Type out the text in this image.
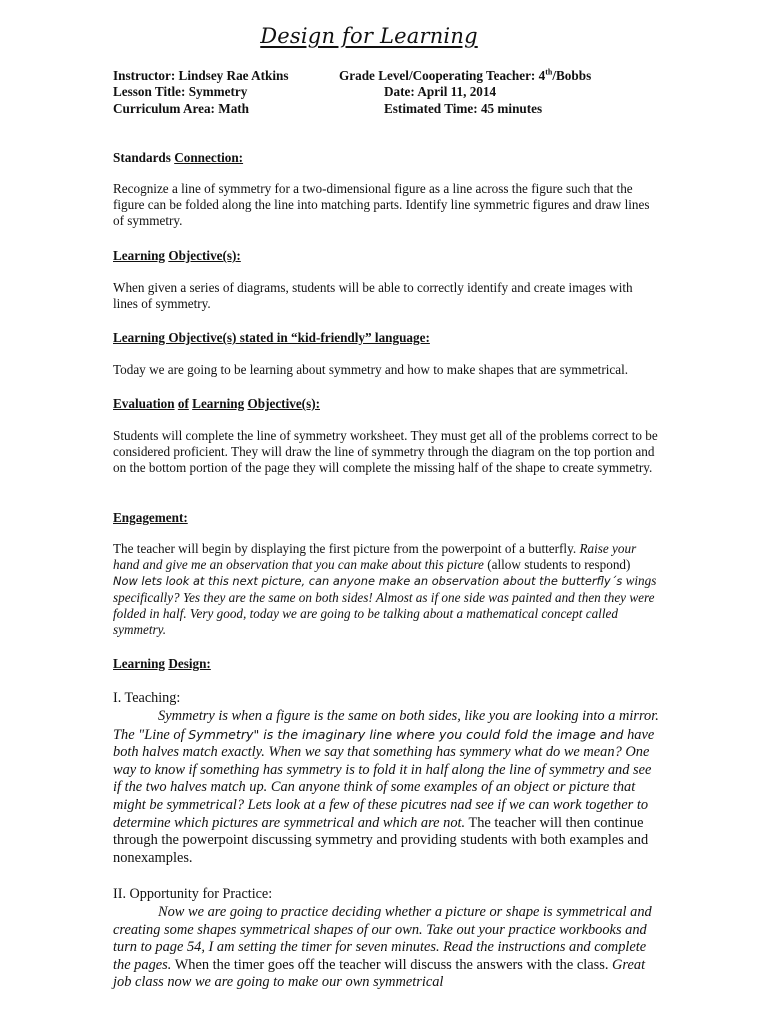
Design for Learning
Instructor: Lindsey Rae Atkins
Lesson Title: Symmetry
Curriculum Area: Math
Grade Level/Cooperating Teacher: 4th/Bobbs
Date: April 11, 2014
Estimated Time: 45 minutes
Standards Connection:
Recognize a line of symmetry for a two-dimensional figure as a line across the figure such that the figure can be folded along the line into matching parts. Identify line symmetric figures and draw lines of symmetry.
Learning Objective(s):
When given a series of diagrams, students will be able to correctly identify and create images with lines of symmetry.
Learning Objective(s) stated in “kid-friendly” language:
Today we are going to be learning about symmetry and how to make shapes that are symmetrical.
Evaluation of Learning Objective(s):
Students will complete the line of symmetry worksheet. They must get all of the problems correct to be considered proficient. They will draw the line of symmetry through the diagram on the top portion and on the bottom portion of the page they will complete the missing half of the shape to create symmetry.
Engagement:
The teacher will begin by displaying the first picture from the powerpoint of a butterfly. Raise your hand and give me an observation that you can make about this picture (allow students to respond) Now lets look at this next picture, can anyone make an observation about the butterfly´s wings specifically? Yes they are the same on both sides! Almost as if one side was painted and then they were folded in half. Very good, today we are going to be talking about a mathematical concept called symmetry.
Learning Design:
I. Teaching:
Symmetry is when a figure is the same on both sides, like you are looking into a mirror. The "Line of Symmetry" is the imaginary line where you could fold the image and have both halves match exactly. When we say that something has symmery what do we mean? One way to know if something has symmetry is to fold it in half along the line of symmetry and see if the two halves match up. Can anyone think of some examples of an object or picture that might be symmetrical? Lets look at a few of these picutres nad see if we can work together to determine which pictures are symmetrical and which are not. The teacher will then continue through the powerpoint discussing symmetry and providing students with both examples and nonexamples.
II. Opportunity for Practice:
Now we are going to practice deciding whether a picture or shape is symmetrical and creating some shapes symmetrical shapes of our own. Take out your practice workbooks and turn to page 54, I am setting the timer for seven minutes. Read the instructions and complete the pages. When the timer goes off the teacher will discuss the answers with the class. Great job class now we are going to make our own symmetrical
